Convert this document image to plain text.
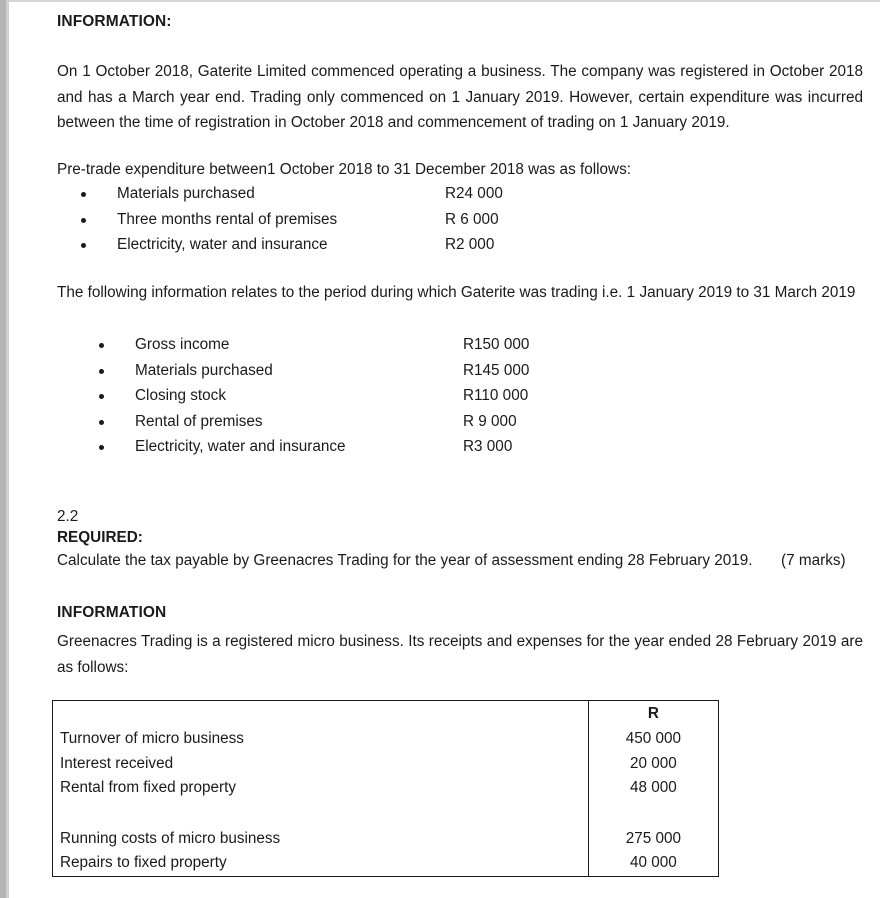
INFORMATION:

On 1 October 2018, Gaterite Limited commenced operating a business. The company was registered in October 2018 and has a March year end. Trading only commenced on 1 January 2019. However, certain expenditure was incurred between the time of registration in October 2018 and commencement of trading on 1 January 2019.

Pre-trade expenditure between1 October 2018 to 31 December 2018 was as follows:
Materials purchased	R24 000
Three months rental of premises	R 6 000
Electricity, water and insurance	R2 000
The following information relates to the period during which Gaterite was trading i.e. 1 January 2019 to 31 March 2019
Gross income	R150 000
Materials purchased	R145 000
Closing stock	R110 000
Rental of premises	R 9 000
Electricity, water and insurance	R3 000
2.2
REQUIRED:
Calculate the tax payable by Greenacres Trading for the year of assessment ending 28 February 2019. (7 marks)
INFORMATION

Greenacres Trading is a registered micro business. Its receipts and expenses for the year ended 28 February 2019 are as follows:

	R
Turnover of micro business	450 000
Interest received	20 000
Rental from fixed property	48 000

Running costs of micro business	275 000
Repairs to fixed property	40 000
